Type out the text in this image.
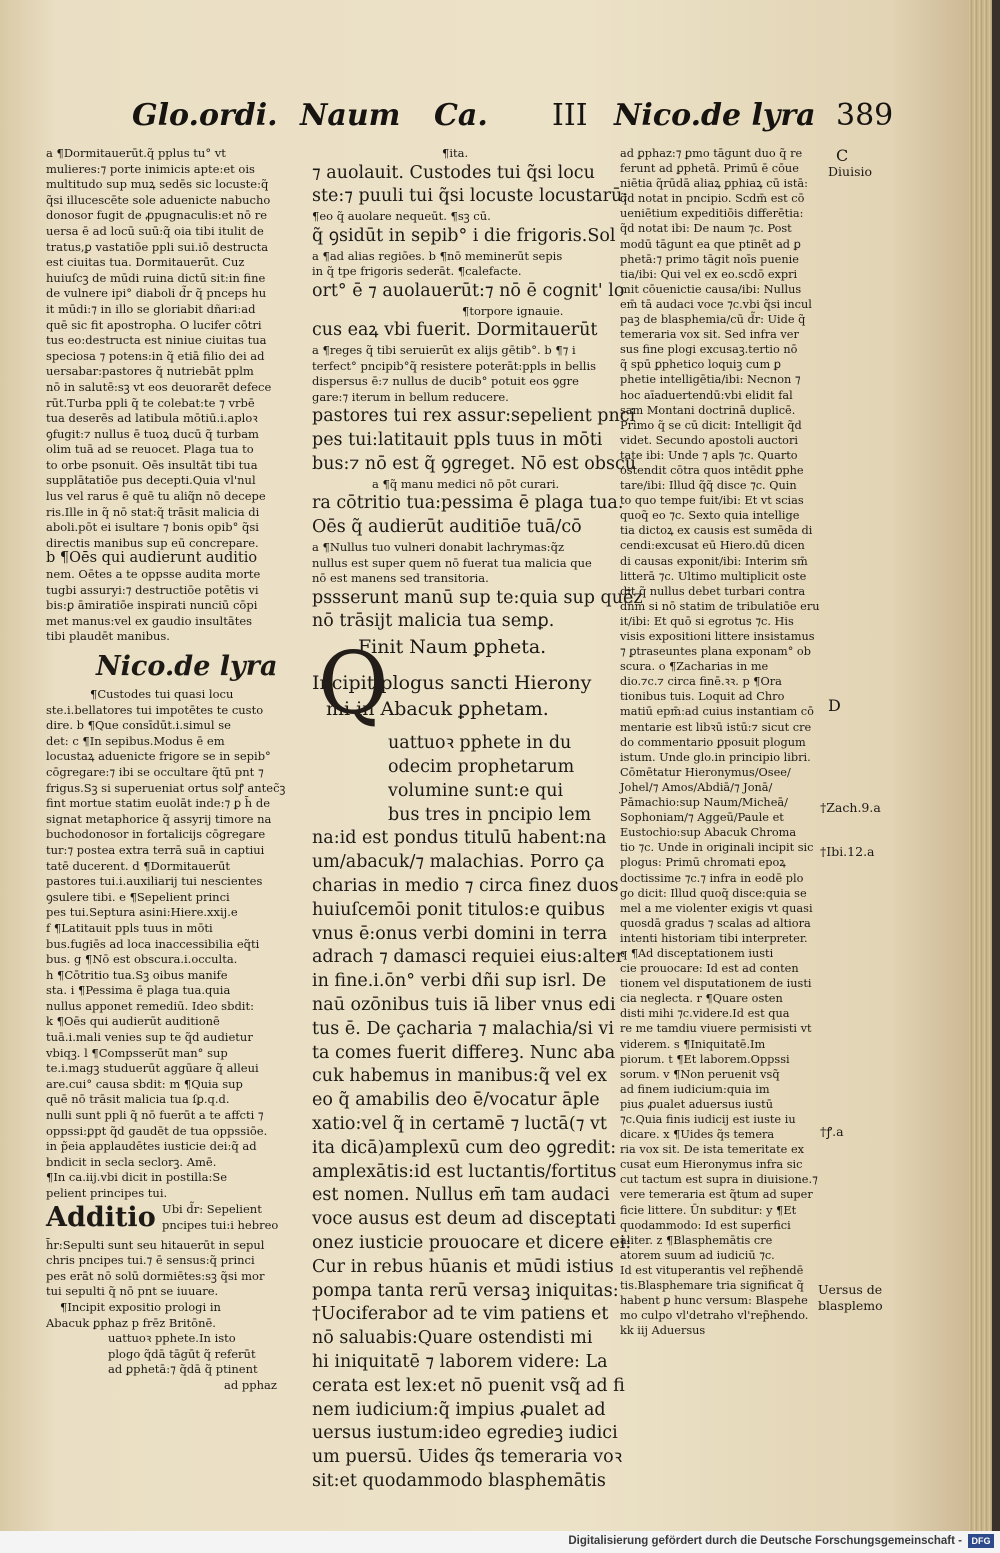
Glo.ordi. Naum Ca. III Nico.de lyra 389
a ¶Dormitauerūt.q̃ pplus tu° vt
mulieres:⁊ porte inimicis apte:et ois
multitudo sup muꝝ sedēs sic locuste:q̃
q̃si illucescēte sole aduenicte nabucho
donosor fugit de ꝓpugnaculis:et nō re
uersa ē ad locū suū:q̃ oia tibi itulit de
tratus,ꝑ vastatiōe ppli sui.iō destructa
est ciuitas tua. Dormitauerūt. Cuz
huiuſcꝫ de mūdi ruina dictū sit:in fine
de vulnere ipi° diaboli d̃r q̃ pnceps hu
it mūdi:⁊ in illo se gloriabit dñari:ad
quē sic fit apostropha. O lucifer cōtri
tus eo:destructa est niniue ciuitas tua
speciosa ⁊ potens:in q̃ etiā filio dei ad
uersabar:pastores q̃ nutriebāt pplm
nō in salutē:sꝫ vt eos deuorarēt defece
rūt.Turba ppli q̃ te colebat:te ⁊ vrbē
tua deserēs ad latibula mōtiū.i.aploꝛ
ꝯfugit:⁊ nullus ē tuoꝝ ducū q̃ turbam
olim tuā ad se reuocet. Plaga tua to
to orbe psonuit. Oēs insultāt tibi tua
supplātatiōe pus decepti.Quia vl'nul
lus vel rarus ē quē tu aliq̃n nō decepe
ris.Ille in q̃ nō stat:q̃ trāsit malicia di
aboli.pōt ei isultare ⁊ bonis opib° q̃si
directis manibus sup eū concrepare.
b ¶Oēs qui audierunt auditio
nem. Oētes a te oppsse audita morte
tugbi assuryi:⁊ destructiōe potētis vi
bis:ꝑ āmiratiōe inspirati nunciū cōpi
met manus:vel ex gaudio insultātes
tibi plaudēt manibus.
Nico.de lyra
¶Custodes tui quasi locu
ste.i.bellatores tui impotētes te custo
dire. b ¶Que consīdūt.i.simul se
det: c ¶In sepibus.Modus ē em
locustaꝝ aduenicte frigore se in sepib°
cōgregare:⁊ ibi se occultare q̃tū pnt ⁊
frigus.Sꝫ si superueniat ortus solꝭ antec̃ꝫ
fint mortue statim euolāt inde:⁊ ꝑ h̄ de
signat metaphorice q̃ assyrij timore na
buchodonosor in fortalicijs cōgregare
tur:⁊ postea extra terrā suā in captiui
tatē ducerent. d ¶Dormitauerūt
pastores tui.i.auxiliarij tui nescientes
ꝯsulere tibi. e ¶Sepelient princi
pes tui.Septura asini:Hiere.xxij.e
f ¶Latitauit ppls tuus in mōti
bus.fugiēs ad loca inaccessibilia eq̃ti
bus. g ¶Nō est obscura.i.occulta.
h ¶Cōtritio tua.Sꝫ oibus manife
sta. i ¶Pessima ē plaga tua.quia
nullus apponet remediū. Ideo sbdit:
k ¶Oēs qui audierūt auditionē
tuā.i.mali venies sup te q̃d audietur
vbiqꝫ. l ¶Compsserūt man° sup
te.i.magꝫ studuerūt aggūare q̃ alleui
are.cui° causa sbdit: m ¶Quia sup
quē nō trāsit malicia tua ſꝑ.q.d.
nulli sunt ppli q̃ nō fuerūt a te affcti ⁊
oppssi:ꝑpt q̃d gaudēt de tua oppssiōe.
in p̃eia applaudētes iusticie dei:q̃ ad
bndicit in secla seclorꝫ. Amē.
¶In ca.iij.vbi dicit in postilla:Se
pelient principes tui.
Additio Ubi d̃r: Sepelient
pncipes tui:i hebreo
h̄r:Sepulti sunt seu hitauerūt in sepul
chris pncipes tui.⁊ ē sensus:q̃ princi
pes erāt nō solū dormiētes:sꝫ q̃si mor
tui sepulti q̃ nō pnt se iuuare.
¶Incipit expositio prologi in
Abacuk ꝑphaz p frēz Britōnē.
uattuoꝛ pphete.In isto
plogo q̃dā tāgūt q̃ referūt
ad ꝑphetā:⁊ q̃dā q̃ ptinent
ad pphaz
¶ita.
⁊ auolauit. Custodes tui q̃si locu
ste:⁊ puuli tui q̃si locuste locustarū:
¶eo q̃ auolare nequeūt. ¶sꝫ cū.
q̃ ꝯsidūt in sepib° i die frigoris.Sol
a ¶ad alias regiōes. b ¶nō meminerūt sepis
in q̃ tpe frigoris sederāt. ¶calefacte.
ort° ē ⁊ auolauerūt:⁊ nō ē cognit' lo
¶torpore ignauie.
cus eaꝝ vbi fuerit. Dormitauerūt
a ¶reges q̃ tibi seruierūt ex alijs gētib°. b ¶⁊ i
terfect° pncipib°q̃ resistere poterāt:ppls in bellis
dispersus ē:⁊ nullus de ducib° potuit eos ꝯgre
gare:⁊ iterum in bellum reducere.
pastores tui rex assur:sepelient pnci
pes tui:latitauit ppls tuus in mōti
bus:⁊ nō est q̃ ꝯgreget. Nō est obscu
a ¶q̃ manu medici nō pōt curari.
ra cōtritio tua:pessima ē plaga tua.
Oēs q̃ audierūt auditiōe tuā/cō
a ¶Nullus tuo vulneri donabit lachrymas:q̃z
nullus est super quem nō fuerat tua malicia que
nō est manens sed transitoria.
pssserunt manū sup te:quia sup quēz
nō trāsijt malicia tua semꝑ.
Finit Naum ꝑpheta.
Incipit plogus sancti Hierony
mi in Abacuk ꝑphetam.
uattuoꝛ pphete in du
odecim prophetarum
volumine sunt:e qui
bus tres in pncipio lem
na:id est pondus titulū habent:na
um/abacuk/⁊ malachias. Porro ça
charias in medio ⁊ circa finez duos
huiuſcemōi ponit titulos:e quibus
vnus ē:onus verbi domini in terra
adrach ⁊ damasci requiei eius:alter
in fine.i.ōn° verbi dñi sup isrl. De
naū ozōnibus tuis iā liber vnus edi
tus ē. De çacharia ⁊ malachia/si vi
ta comes fuerit differeꝫ. Nunc aba
cuk habemus in manibus:q̃ vel ex
eo q̃ amabilis deo ē/vocatur āple
xatio:vel q̃ in certamē ⁊ luctā(⁊ vt
ita dicā)amplexū cum deo ꝯgredit:
amplexātis:id est luctantis/fortitus
est nomen. Nullus em̄ tam audaci
voce ausus est deum ad disceptati
onez iusticie prouocare et dicere ei:
Cur in rebus hūanis et mūdi istius
pompa tanta rerū versaꝫ iniquitas:
†Uociferabor ad te vim patiens et
nō saluabis:Quare ostendisti mi
hi iniquitatē ⁊ laborem videre: La
cerata est lex:et nō puenit vsq̃ ad fi
nem iudicium:q̃ impius ꝓualet ad
uersus iustum:ideo egredieꝫ iudici
um puersū. Uides q̃s temeraria voꝛ
sit:et quodammodo blasphemātis
Q
ad ꝑphaz:⁊ ꝑmo tāgunt duo q̃ re
ferunt ad ꝑphetā. Primū ē cōue
niētia q̃rūdā aliaꝝ ꝑphiaꝝ cū istā:
q̃d notat in pncipio. Scdm̄ est cō
ueniētium expeditiōis differētia:
q̃d notat ibi: De naum ⁊c. Post
modū tāgunt ea que ptinēt ad ꝑ
phetā:⁊ primo tāgit noīs puenie
tia/ibi: Qui vel ex eo.scdō expri
mit cōuenictie causa/ibi: Nullus
em̄ tā audaci voce ⁊c.vbi q̃si incul
paꝫ de blasphemia/cū d̃r: Uide q̃
temeraria vox sit. Sed infra ver
sus fine plogi excusaꝫ.tertio nō
q̃ spū ꝑphetico loquiꝫ cum ꝑ
phetie intelligētia/ibi: Necnon ⁊
hoc aīaduertendū:vbi elidit fal
sam Montani doctrinā duplicē.
Primo q̃ se cū dicit: Intelligit q̃d
videt. Secundo apostoli auctori
tate ibi: Unde ⁊ apls ⁊c. Quarto
ostendit cōtra quos intēdit ꝑphe
tare/ibi: Illud q̃q̃ disce ⁊c. Quin
to quo tempe fuit/ibi: Et vt scias
quoq̃ eo ⁊c. Sexto quia intellige
tia dictoꝝ ex causis est sumēda di
cendi:excusat eū Hiero.dū dicen
di causas exponit/ibi: Interim sm̄
litterā ⁊c. Ultimo multiplicit oste
dit q̃ nullus debet turbari contra
dñm si nō statim de tribulatiōe eru
it/ibi: Et quō si egrotus ⁊c. His
visis expositioni littere insistamus
⁊ ꝑtraseuntes plana exponam° ob
scura. o ¶Zacharias in me
dio.⁊c.⁊ circa finē.ꝛꝛ. p ¶Ora
tionibus tuis. Loquit ad Chro
matiū epm̄:ad cuius instantiam cō
mentarie est libꝛū istū:⁊ sicut cre
do commentario ꝑposuit plogum
istum. Unde glo.in principio libri.
Cōmētatur Hieronymus/Osee/
Johel/⁊ Amos/Abdiā/⁊ Jonā/
Pāmachio:sup Naum/Micheā/
Sophoniam/⁊ Aggeū/Paule et
Eustochio:sup Abacuk Chroma
tio ⁊c. Unde in originali incipit sic
plogus: Primū chromati epoꝝ
doctissime ⁊c.⁊ infra in eodē plo
go dicit: Illud quoq̃ disce:quia se
mel a me violenter exigis vt quasi
quosdā gradus ⁊ scalas ad altiora
intenti historiam tibi interpreter.
q ¶Ad disceptationem iusti
cie prouocare: Id est ad conten
tionem vel disputationem de iusti
cia neglecta. r ¶Quare osten
disti mihi ⁊c.videre.Id est qua
re me tamdiu viuere permisisti vt
viderem. s ¶Iniquitatē.Im
piorum. t ¶Et laborem.Oppssi
sorum. v ¶Non peruenit vsq̃
ad finem iudicium:quia im
pius ꝓualet aduersus iustū
⁊c.Quia finis iudicij est iuste iu
dicare. x ¶Uides q̃s temera
ria vox sit. De ista temeritate ex
cusat eum Hieronymus infra sic
cut tactum est supra in diuisione.⁊
vere temeraria est q̃tum ad super
ficie littere. Ūn subditur: y ¶Et
quodammodo: Id est superfici
aliter. z ¶Blasphemātis cre
atorem suum ad iudiciū ⁊c.
Id est vituperantis vel rep̃hendē
tis.Blasphemare tria significat q̃
habent ꝑ hunc versum: Blaspehe
mo culpo vl'detraho vl'rep̃hendo.
kk iij Aduersus
C
Diuisio
D
†Zach.9.a
†Ibi.12.a
†ꝭ.a
Uersus de
blasplemo
Digitalisierung gefördert durch die Deutsche Forschungsgemeinschaft -	DFG
